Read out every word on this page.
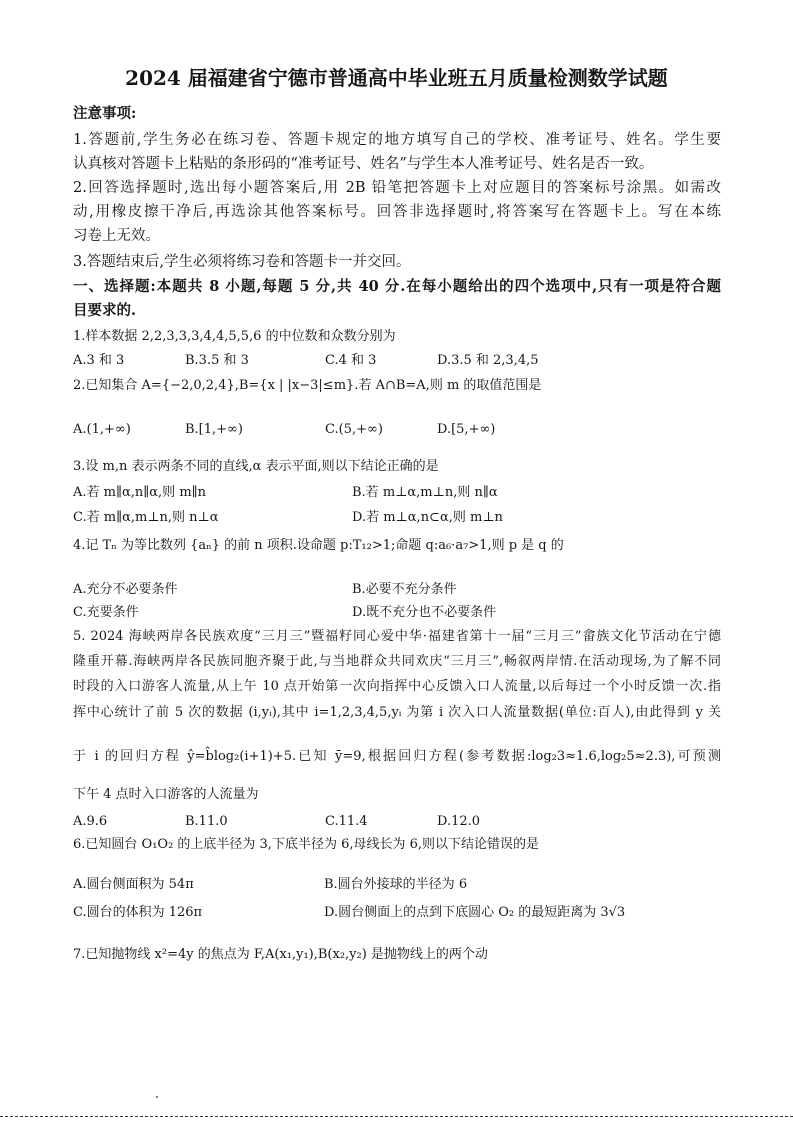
2024 届福建省宁德市普通高中毕业班五月质量检测数学试题
注意事项:
1.答题前,学生务必在练习卷、答题卡规定的地方填写自己的学校、准考证号、姓名。学生要
认真核对答题卡上粘贴的条形码的“准考证号、姓名”与学生本人准考证号、姓名是否一致。
2.回答选择题时,选出每小题答案后,用 2B 铅笔把答题卡上对应题目的答案标号涂黑。如需改
动,用橡皮擦干净后,再选涂其他答案标号。回答非选择题时,将答案写在答题卡上。写在本练
习卷上无效。
3.答题结束后,学生必须将练习卷和答题卡一并交回。
一、选择题:本题共 8 小题,每题 5 分,共 40 分.在每小题给出的四个选项中,只有一项是符合题
目要求的.
1.样本数据 2,2,3,3,3,4,4,5,5,6 的中位数和众数分别为
A.3 和 3	B.3.5 和 3	C.4 和 3	D.3.5 和 2,3,4,5
2.已知集合 A={−2,0,2,4},B={x | |x−3|≤m}.若 A∩B=A,则 m 的取值范围是
A.(1,+∞)	B.[1,+∞)	C.(5,+∞)	D.[5,+∞)
3.设 m,n 表示两条不同的直线,α 表示平面,则以下结论正确的是
A.若 m∥α,n∥α,则 m∥n	B.若 m⊥α,m⊥n,则 n∥α
C.若 m∥α,m⊥n,则 n⊥α	D.若 m⊥α,n⊂α,则 m⊥n
4.记 Tₙ 为等比数列 {aₙ} 的前 n 项积.设命题 p:T₁₂>1;命题 q:a₆·a₇>1,则 p 是 q 的
A.充分不必要条件	B.必要不充分条件
C.充要条件	D.既不充分也不必要条件
5. 2024 海峡两岸各民族欢度“三月三”暨福籽同心爱中华·福建省第十一届“三月三”畲族文化节活动在宁德
隆重开幕.海峡两岸各民族同胞齐聚于此,与当地群众共同欢庆“三月三”,畅叙两岸情.在活动现场,为了解不同
时段的入口游客人流量,从上午 10 点开始第一次向指挥中心反馈入口人流量,以后每过一个小时反馈一次.指
挥中心统计了前 5 次的数据 (i,yᵢ),其中 i=1,2,3,4,5,yᵢ 为第 i 次入口人流量数据(单位:百人),由此得到 y 关
于 i 的回归方程 ŷ=b̂log₂(i+1)+5.已知 ȳ=9,根据回归方程(参考数据:log₂3≈1.6,log₂5≈2.3),可预测
下午 4 点时入口游客的人流量为
A.9.6	B.11.0	C.11.4	D.12.0
6.已知圆台 O₁O₂ 的上底半径为 3,下底半径为 6,母线长为 6,则以下结论错误的是
A.圆台侧面积为 54π	B.圆台外接球的半径为 6
C.圆台的体积为 126π	D.圆台侧面上的点到下底圆心 O₂ 的最短距离为 3√3
7.已知抛物线 x²=4y 的焦点为 F,A(x₁,y₁),B(x₂,y₂) 是抛物线上的两个动
